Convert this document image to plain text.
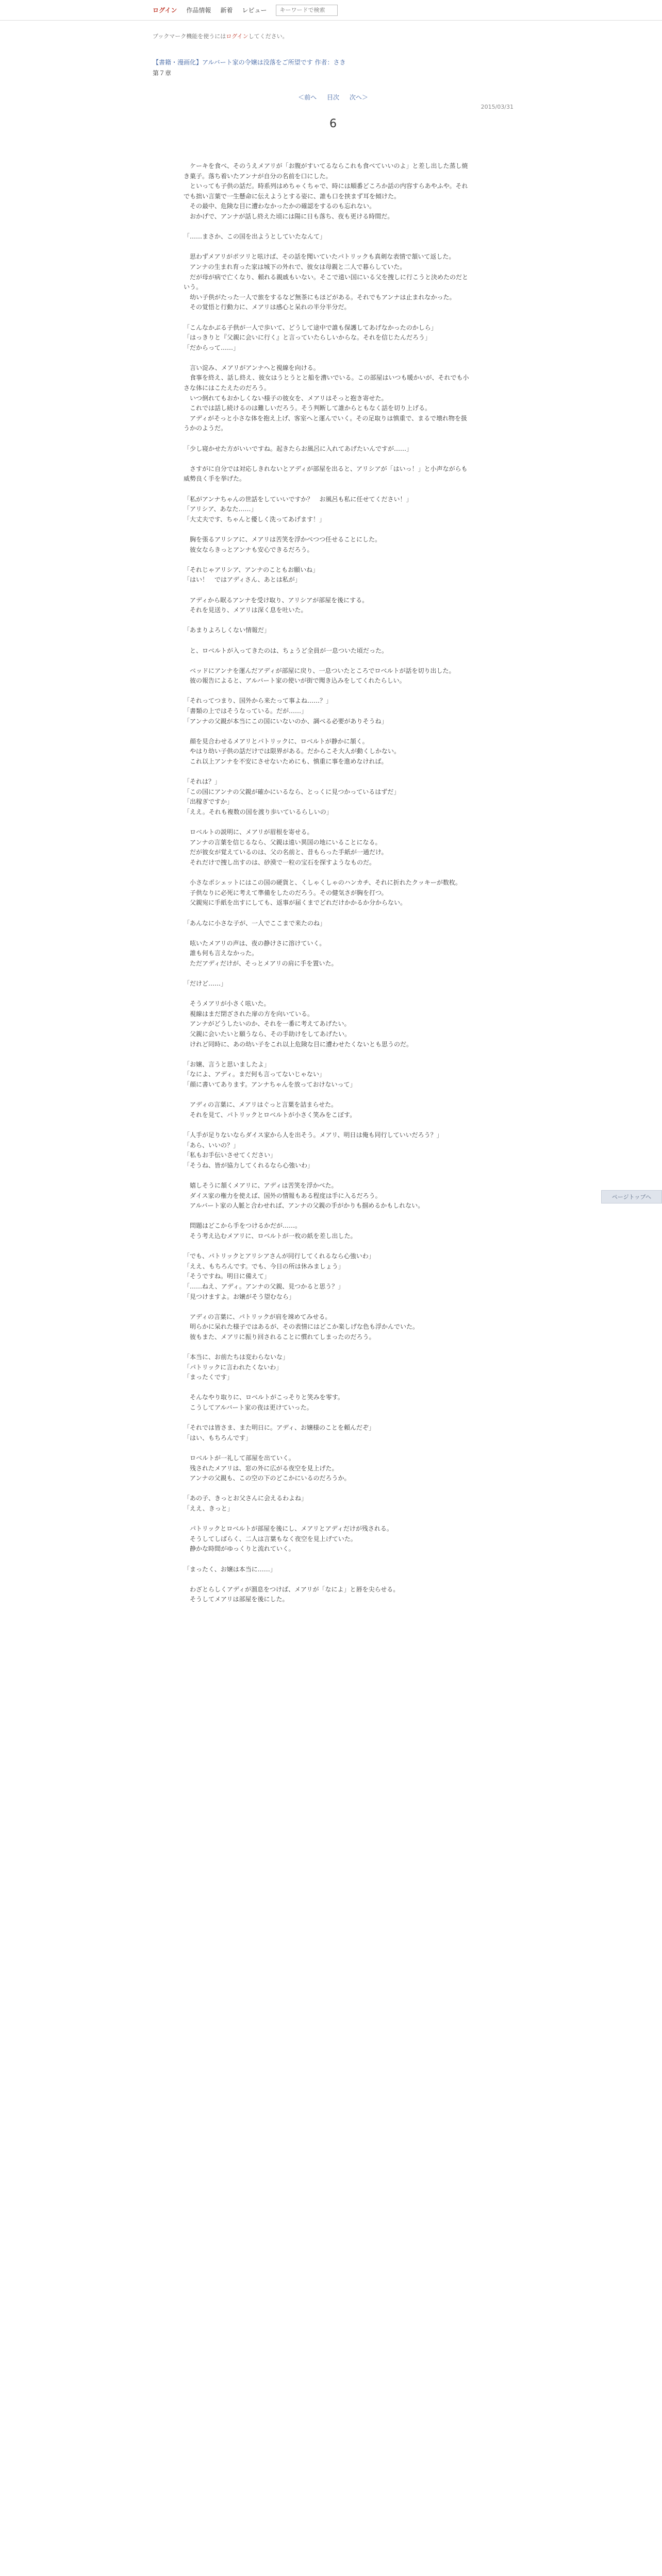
ログイン 作品情報 新着 レビュー
キーワードで検索
ブックマーク機能を使うにはログインしてください。
【書籍・漫画化】アルバート家の令嬢は没落をご所望です 作者：さき
第７章
＜前へ 目次 次へ＞
2015/03/31
6

　ケーキを食べ、そのうえメアリが「お腹がすいてるならこれも食べていいのよ」と差し出した蒸し焼き菓子。落ち着いたアンナが自分の名前を口にした。

　といっても子供の話だ。時系列はめちゃくちゃで、時には順番どころか話の内容すらあやふや。それでも拙い言葉で一生懸命に伝えようとする姿に、誰も口を挟まず耳を傾けた。

　その最中、危険な目に遭わなかったかの確認をするのも忘れない。

　おかげで、アンナが話し終えた頃には陽に日も落ち、夜も更ける時間だ。

「……まさか、この国を出ようとしていたなんて」

　思わずメアリがポツリと呟けば、その話を聞いていたパトリックも真剣な表情で頷いて返した。

　アンナの生まれ育った家は城下の外れで、彼女は母親と二人で暮らしていた。

　だが母が病で亡くなり、頼れる親戚もいない。そこで遠い国にいる父を捜しに行こうと決めたのだという。

　幼い子供がたった一人で旅をするなど無茶にもほどがある。それでもアンナは止まれなかった。

　その覚悟と行動力に、メアリは感心と呆れの半分半分だ。

「こんなかぶる子供が一人で歩いて、どうして途中で誰も保護してあげなかったのかしら」

「はっきりと『父親に会いに行く』と言っていたらしいからな。それを信じたんだろう」

「だからって……」

　言い淀み、メアリがアンナへと視線を向ける。

　食事を終え、話し終え、彼女はうとうとと船を漕いでいる。この部屋はいつも暖かいが、それでも小さな体にはこたえたのだろう。

　いつ倒れてもおかしくない様子の彼女を、メアリはそっと抱き寄せた。

　これでは話し続けるのは難しいだろう。そう判断して誰からともなく話を切り上げる。

　アディがそっと小さな体を抱え上げ、客室へと運んでいく。その足取りは慎重で、まるで壊れ物を扱うかのようだ。

「少し寝かせた方がいいですね。起きたらお風呂に入れてあげたいんですが……」

　さすがに自分では対応しきれないとアディが部屋を出ると、アリシアが「はいっ！」と小声ながらも威勢良く手を挙げた。

「私がアンナちゃんの世話をしていいですか？　お風呂も私に任せてください！」

「アリシア、あなた……」

「大丈夫です、ちゃんと優しく洗ってあげます！」

　胸を張るアリシアに、メアリは苦笑を浮かべつつ任せることにした。

　彼女ならきっとアンナも安心できるだろう。

「それじゃアリシア、アンナのこともお願いね」

「はい！　ではアディさん、あとは私が」

　アディから眠るアンナを受け取り、アリシアが部屋を後にする。

　それを見送り、メアリは深く息を吐いた。

「あまりよろしくない情報だ」

　と、ロベルトが入ってきたのは、ちょうど全員が一息ついた頃だった。

　ベッドにアンナを運んだアディが部屋に戻り、一息ついたところでロベルトが話を切り出した。

　彼の報告によると、アルバート家の使いが街で聞き込みをしてくれたらしい。

「それってつまり、国外から来たって事よね……？」

「書類の上ではそうなっている。だが……」

「アンナの父親が本当にこの国にいないのか、調べる必要がありそうね」

　顔を見合わせるメアリとパトリックに、ロベルトが静かに頷く。

　やはり幼い子供の話だけでは限界がある。だからこそ大人が動くしかない。

　これ以上アンナを不安にさせないためにも、慎重に事を進めなければ。

「それは？」

「この国にアンナの父親が確かにいるなら、とっくに見つかっているはずだ」

「出稼ぎですか」

「ええ。それも複数の国を渡り歩いているらしいの」

　ロベルトの説明に、メアリが眉根を寄せる。

　アンナの言葉を信じるなら、父親は遠い異国の地にいることになる。

　だが彼女が覚えているのは、父の名前と、昔もらった手紙が一通だけ。

　それだけで捜し出すのは、砂漠で一粒の宝石を探すようなものだ。

　小さなポシェットにはこの国の硬貨と、くしゃくしゃのハンカチ、それに折れたクッキーが数枚。

　子供なりに必死に考えて準備をしたのだろう。その健気さが胸を打つ。

　父親宛に手紙を出すにしても、返事が届くまでどれだけかかるか分からない。

「あんなに小さな子が、一人でここまで来たのね」

　呟いたメアリの声は、夜の静けさに溶けていく。

　誰も何も言えなかった。

　ただアディだけが、そっとメアリの肩に手を置いた。

「だけど……」

　そうメアリが小さく呟いた。

　視線はまだ閉ざされた扉の方を向いている。

　アンナがどうしたいのか、それを一番に考えてあげたい。

　父親に会いたいと願うなら、その手助けをしてあげたい。

　けれど同時に、あの幼い子をこれ以上危険な目に遭わせたくないとも思うのだ。

「お嬢、言うと思いましたよ」

「なによ、アディ。まだ何も言ってないじゃない」

「顔に書いてあります。アンナちゃんを放っておけないって」

　アディの言葉に、メアリはぐっと言葉を詰まらせた。

　それを見て、パトリックとロベルトが小さく笑みをこぼす。

「人手が足りないならダイス家から人を出そう。メアリ、明日は俺も同行していいだろう？」

「あら、いいの？」

「私もお手伝いさせてください」

「そうね、皆が協力してくれるなら心強いわ」

　嬉しそうに頷くメアリに、アディは苦笑を浮かべた。

　ダイス家の権力を使えば、国外の情報もある程度は手に入るだろう。

　アルバート家の人脈と合わせれば、アンナの父親の手がかりも掴めるかもしれない。

　問題はどこから手をつけるかだが……。

　そう考え込むメアリに、ロベルトが一枚の紙を差し出した。

「でも、パトリックとアリシアさんが同行してくれるなら心強いわ」

「ええ、もちろんです。でも、今日の所は休みましょう」

「そうですね。明日に備えて」

「……ねえ、アディ。アンナの父親、見つかると思う？」

「見つけますよ。お嬢がそう望むなら」

　アディの言葉に、パトリックが肩を竦めてみせる。

　明らかに呆れた様子ではあるが、その表情にはどこか楽しげな色も浮かんでいた。

　彼もまた、メアリに振り回されることに慣れてしまったのだろう。

「本当に、お前たちは変わらないな」

「パトリックに言われたくないわ」

「まったくです」

　そんなやり取りに、ロベルトがこっそりと笑みを零す。

　こうしてアルバート家の夜は更けていった。

「それでは皆さま、また明日に。アディ、お嬢様のことを頼んだぞ」

「はい、もちろんです」

　ロベルトが一礼して部屋を出ていく。

　残されたメアリは、窓の外に広がる夜空を見上げた。

　アンナの父親も、この空の下のどこかにいるのだろうか。

「あの子、きっとお父さんに会えるわよね」

「ええ、きっと」

　パトリックとロベルトが部屋を後にし、メアリとアディだけが残される。

　そうしてしばらく、二人は言葉もなく夜空を見上げていた。

　静かな時間がゆっくりと流れていく。

「まったく、お嬢は本当に……」

　わざとらしくアディが溜息をつけば、メアリが「なによ」と唇を尖らせる。

　そうしてメアリは部屋を後にした。

ページトップへ
